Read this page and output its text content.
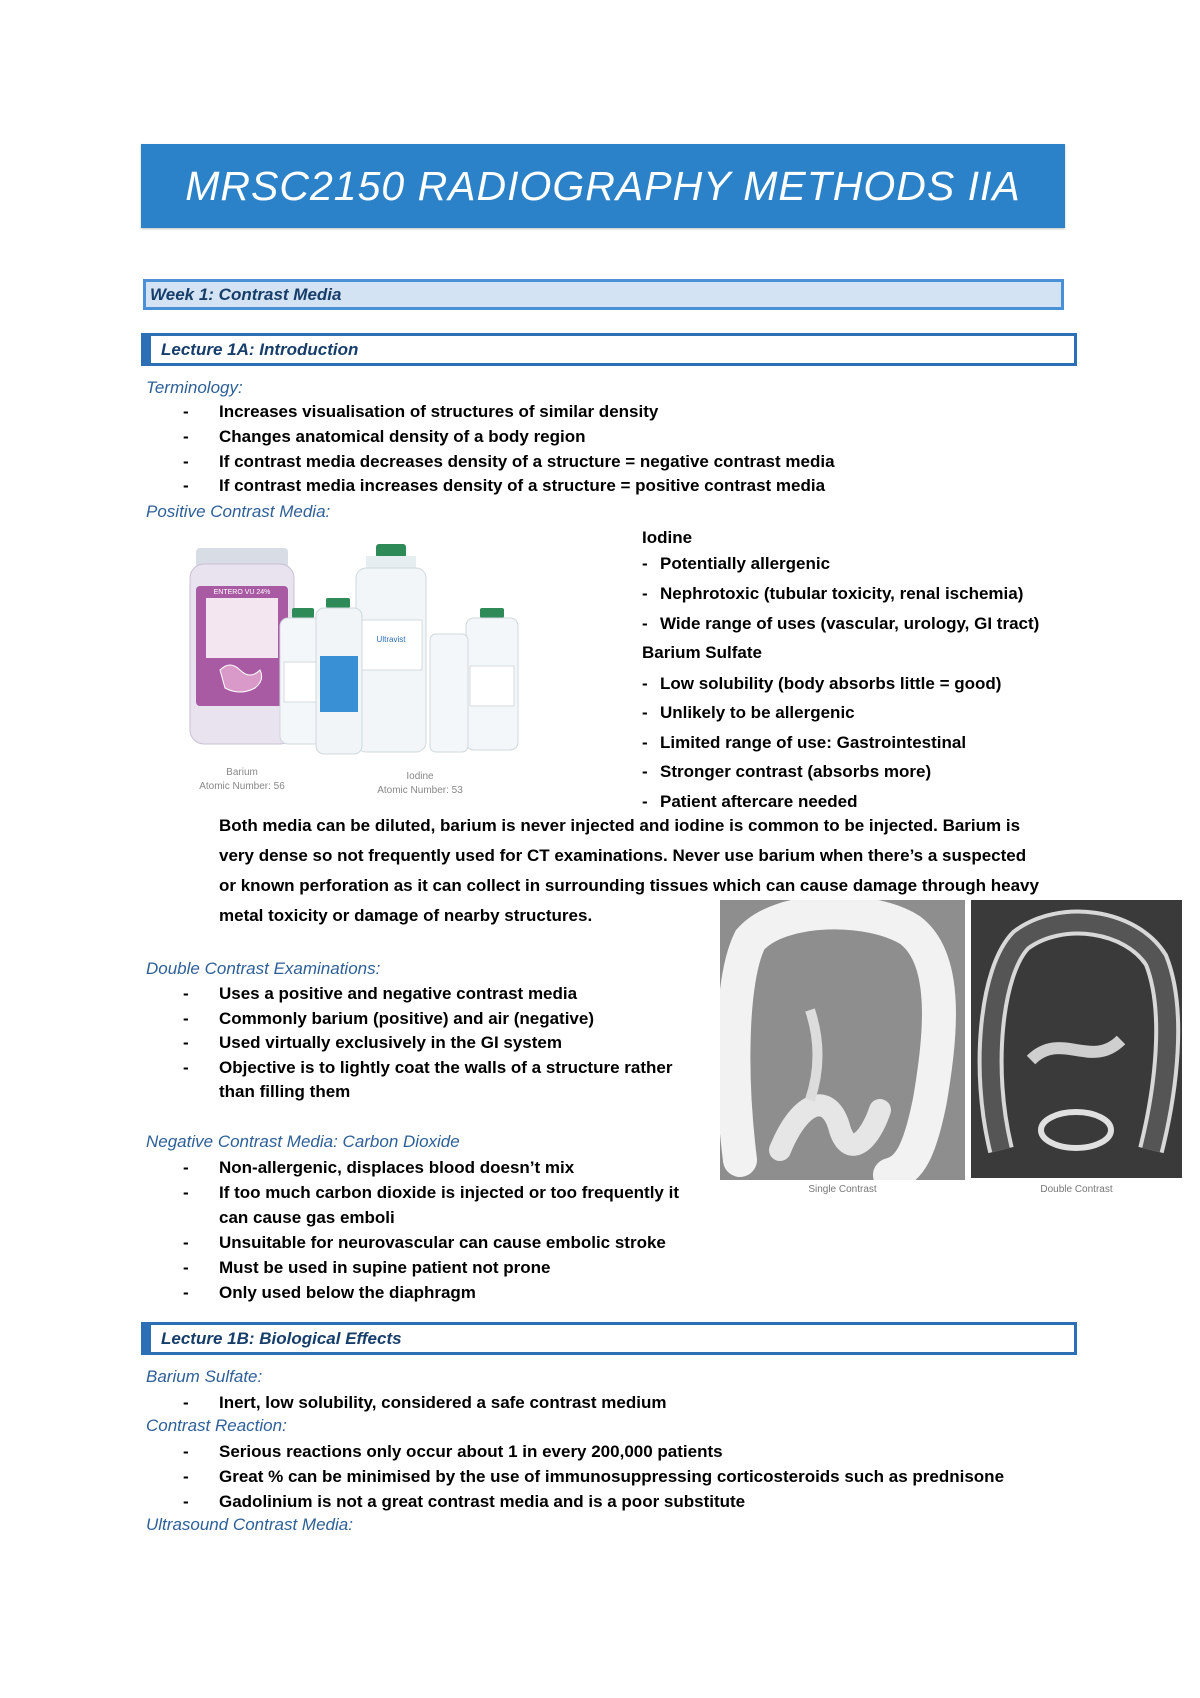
MRSC2150 RADIOGRAPHY METHODS IIA
Week 1: Contrast Media
Lecture 1A: Introduction
Terminology:
- Increases visualisation of structures of similar density
- Changes anatomical density of a body region
- If contrast media decreases density of a structure = negative contrast media
- If contrast media increases density of a structure = positive contrast media
Positive Contrast Media:
ENTERO VU 24%
Barium
Atomic Number: 56
Ultravist
Iodine
Atomic Number: 53
Iodine
- Potentially allergenic
- Nephrotoxic (tubular toxicity, renal ischemia)
- Wide range of uses (vascular, urology, GI tract)
Barium Sulfate
- Low solubility (body absorbs little = good)
- Unlikely to be allergenic
- Limited range of use: Gastrointestinal
- Stronger contrast (absorbs more)
- Patient aftercare needed
Both media can be diluted, barium is never injected and iodine is common to be injected. Barium is
very dense so not frequently used for CT examinations. Never use barium when there’s a suspected
or known perforation as it can collect in surrounding tissues which can cause damage through heavy
metal toxicity or damage of nearby structures.
Single Contrast	Double Contrast
Double Contrast Examinations:
- Uses a positive and negative contrast media
- Commonly barium (positive) and air (negative)
- Used virtually exclusively in the GI system
- Objective is to lightly coat the walls of a structure rather
than filling them
Negative Contrast Media: Carbon Dioxide
- Non-allergenic, displaces blood doesn’t mix
- If too much carbon dioxide is injected or too frequently it
can cause gas emboli
- Unsuitable for neurovascular can cause embolic stroke
- Must be used in supine patient not prone
- Only used below the diaphragm
Lecture 1B: Biological Effects
Barium Sulfate:
- Inert, low solubility, considered a safe contrast medium
Contrast Reaction:
- Serious reactions only occur about 1 in every 200,000 patients
- Great % can be minimised by the use of immunosuppressing corticosteroids such as prednisone
- Gadolinium is not a great contrast media and is a poor substitute
Ultrasound Contrast Media:
